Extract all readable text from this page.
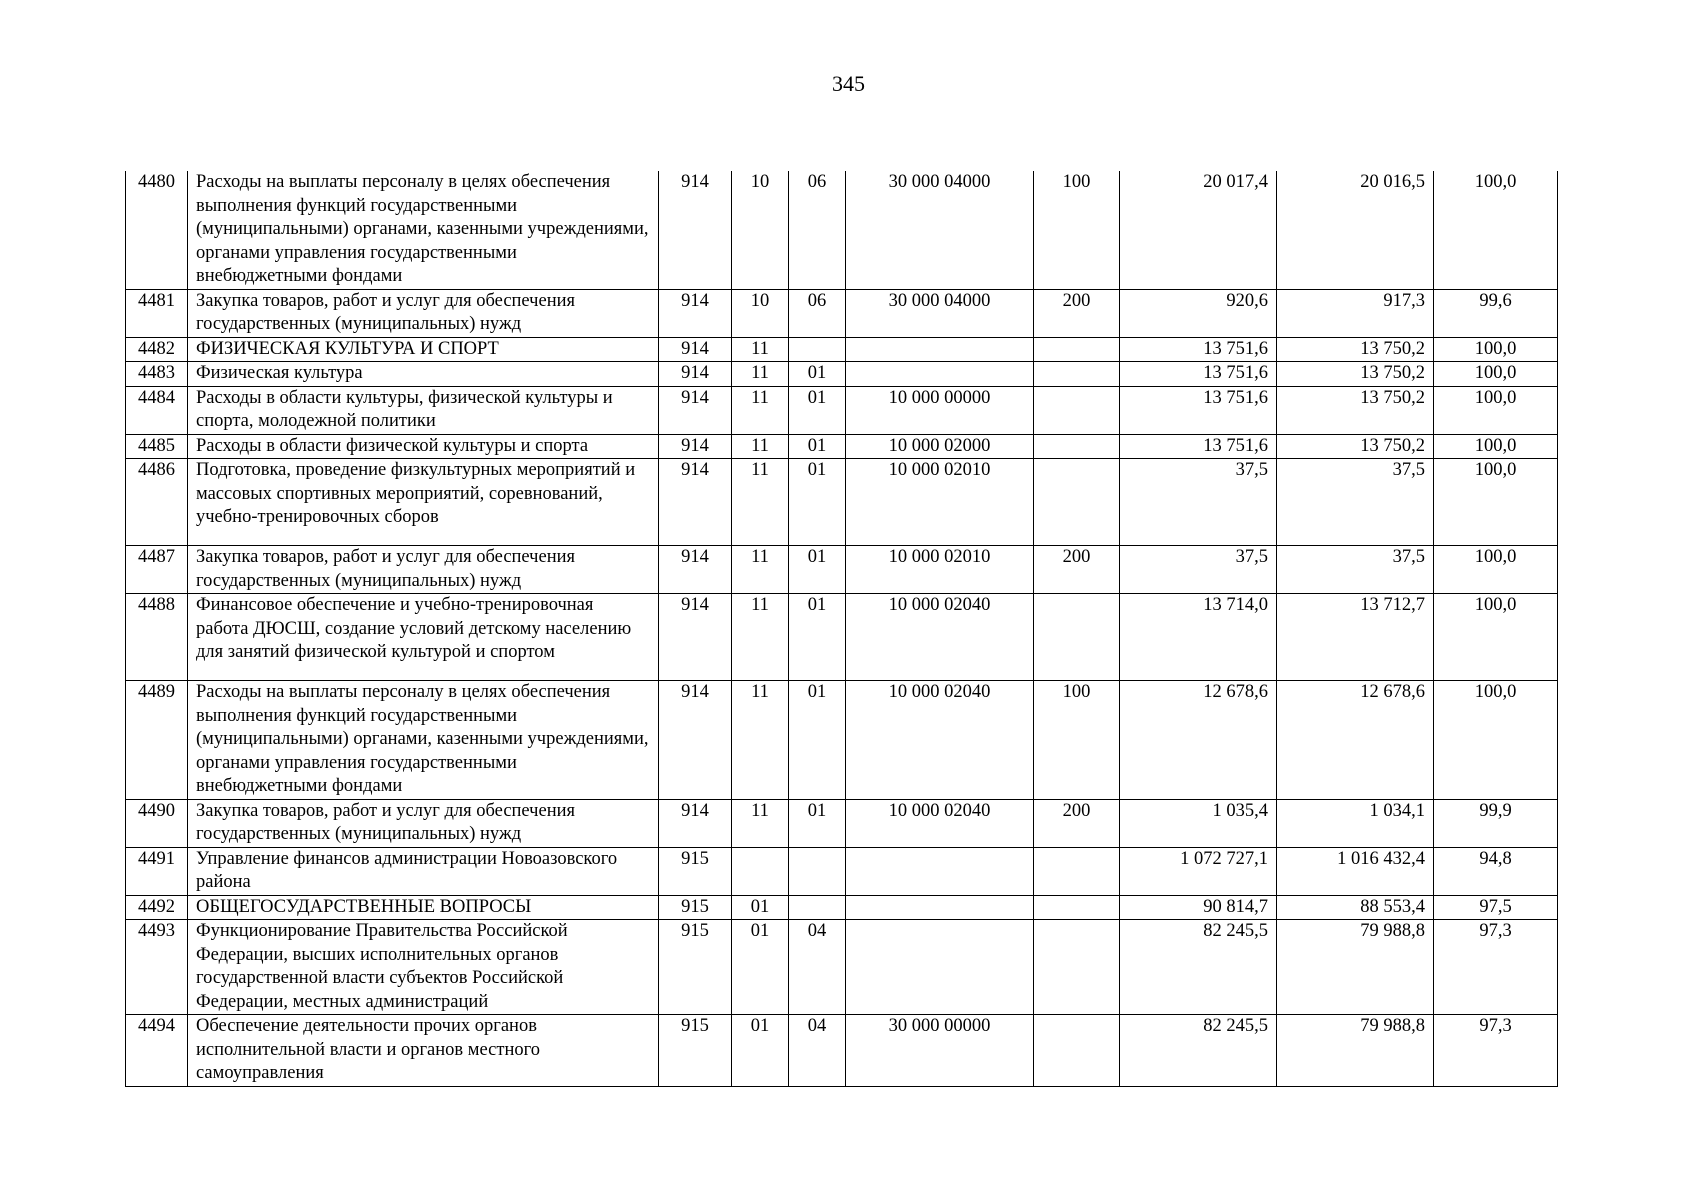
345
4480	Расходы на выплаты персоналу в целях обеспечения выполнения функций государственными (муниципальными) органами, казенными учреждениями, органами управления государственными внебюджетными фондами	914	10	06	30 000 04000	100	20 017,4	20 016,5	100,0
4481	Закупка товаров, работ и услуг для обеспечения государственных (муниципальных) нужд	914	10	06	30 000 04000	200	920,6	917,3	99,6
4482	ФИЗИЧЕСКАЯ КУЛЬТУРА И СПОРТ	914	11				13 751,6	13 750,2	100,0
4483	Физическая культура	914	11	01			13 751,6	13 750,2	100,0
4484	Расходы в области культуры, физической культуры и спорта, молодежной политики	914	11	01	10 000 00000		13 751,6	13 750,2	100,0
4485	Расходы в области физической культуры и спорта	914	11	01	10 000 02000		13 751,6	13 750,2	100,0
4486	Подготовка, проведение физкультурных мероприятий и массовых спортивных мероприятий, соревнований, учебно-тренировочных сборов	914	11	01	10 000 02010		37,5	37,5	100,0
4487	Закупка товаров, работ и услуг для обеспечения государственных (муниципальных) нужд	914	11	01	10 000 02010	200	37,5	37,5	100,0
4488	Финансовое обеспечение и учебно-тренировочная работа ДЮСШ, создание условий детскому населению для занятий физической культурой и спортом	914	11	01	10 000 02040		13 714,0	13 712,7	100,0
4489	Расходы на выплаты персоналу в целях обеспечения выполнения функций государственными (муниципальными) органами, казенными учреждениями, органами управления государственными внебюджетными фондами	914	11	01	10 000 02040	100	12 678,6	12 678,6	100,0
4490	Закупка товаров, работ и услуг для обеспечения государственных (муниципальных) нужд	914	11	01	10 000 02040	200	1 035,4	1 034,1	99,9
4491	Управление финансов администрации Новоазовского района	915					1 072 727,1	1 016 432,4	94,8
4492	ОБЩЕГОСУДАРСТВЕННЫЕ ВОПРОСЫ	915	01				90 814,7	88 553,4	97,5
4493	Функционирование Правительства Российской Федерации, высших исполнительных органов государственной власти субъектов Российской Федерации, местных администраций	915	01	04			82 245,5	79 988,8	97,3
4494	Обеспечение деятельности прочих органов исполнительной власти и органов местного самоуправления	915	01	04	30 000 00000		82 245,5	79 988,8	97,3
